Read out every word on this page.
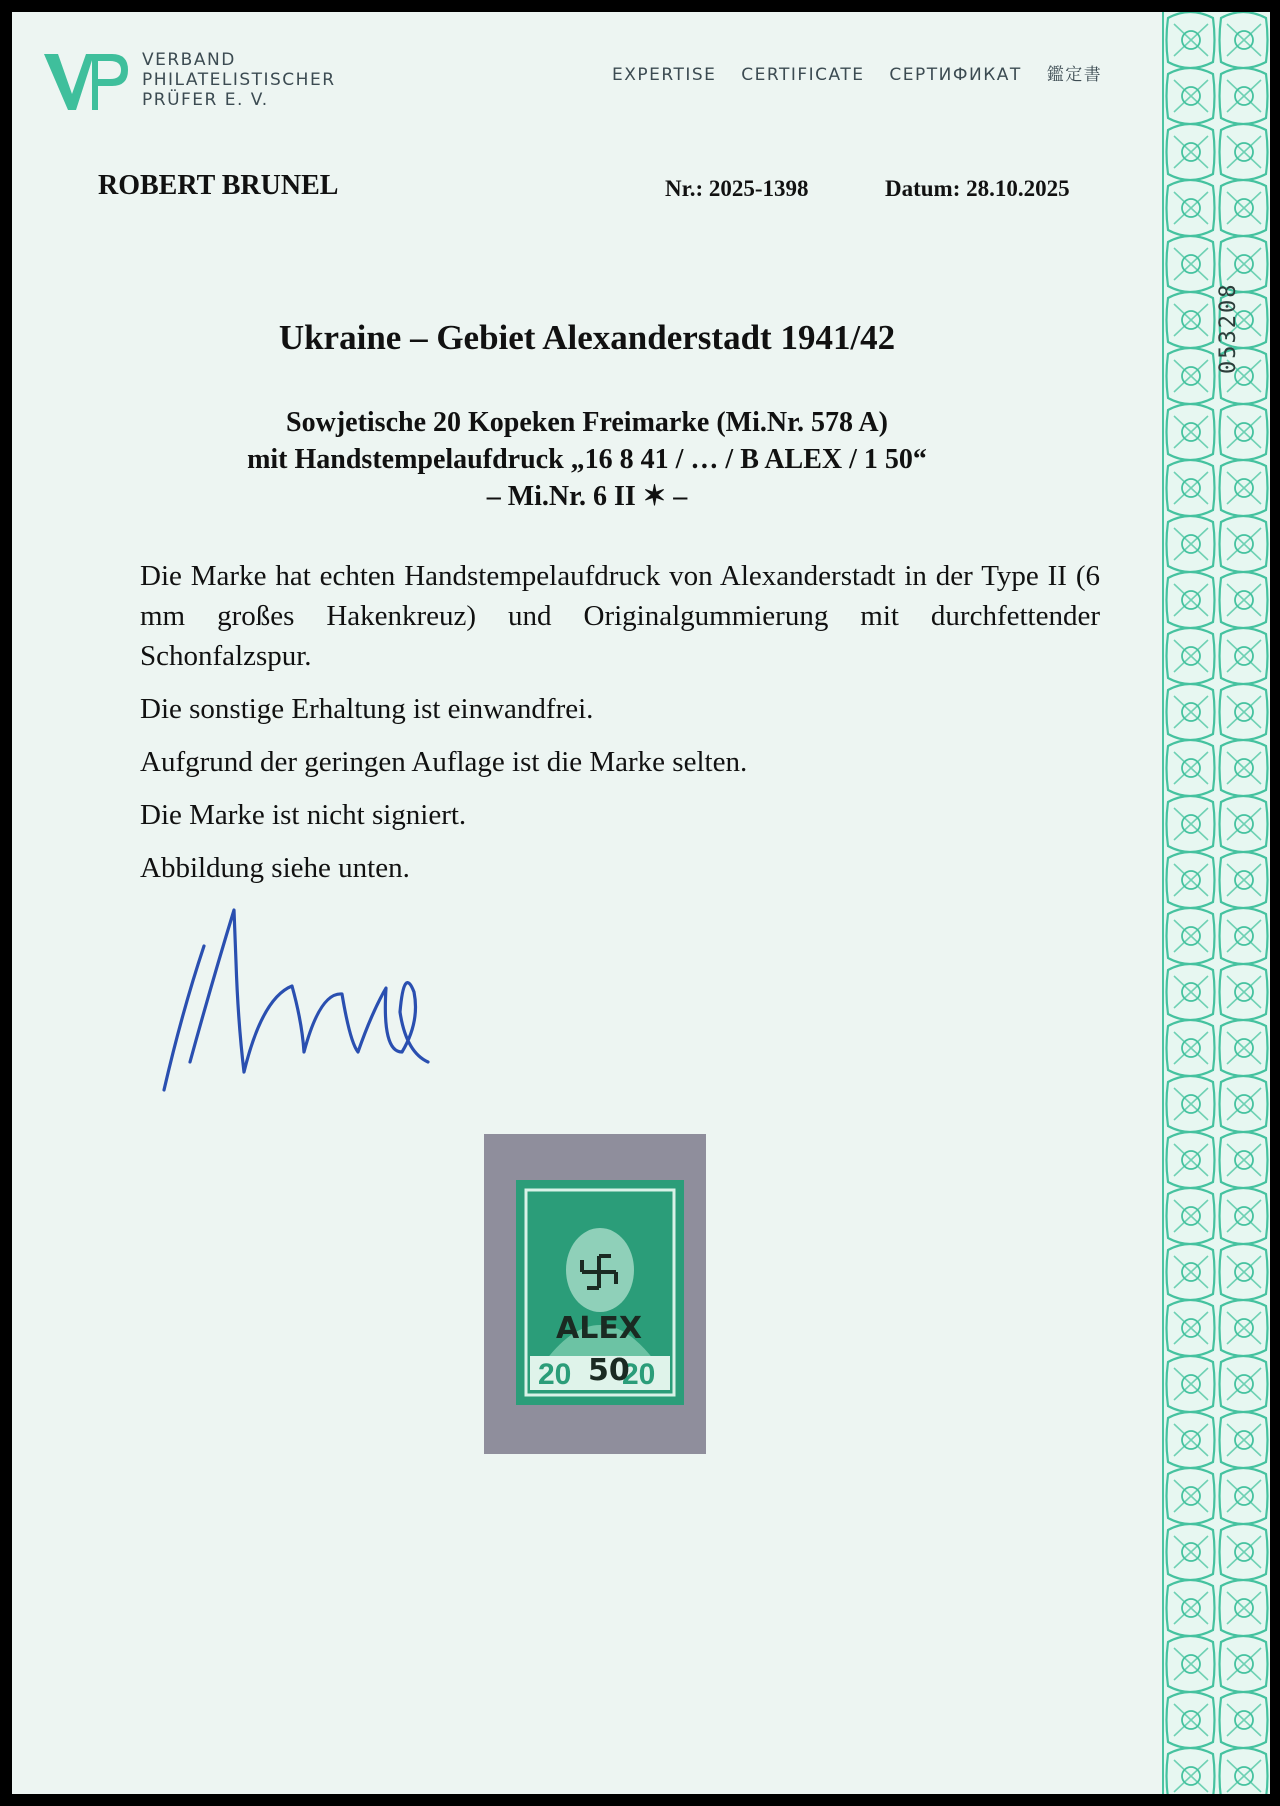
053208
VERBAND
PHILATELISTISCHER
PRÜFER E. V.
EXPERTISE CERTIFICATE СЕРТИФИКАТ 鑑定書
ROBERT BRUNEL	Nr.: 2025-1398	Datum: 28.10.2025
Ukraine – Gebiet Alexanderstadt 1941/42
Sowjetische 20 Kopeken Freimarke (Mi.Nr. 578 A)
mit Handstempelaufdruck „16 8 41 / … / B ALEX / 1 50“
– Mi.Nr. 6 II ✶ –

Die Marke hat echten Handstempelaufdruck von Alexanderstadt in der Type II (6 mm großes Hakenkreuz) und Originalgummierung mit durchfettender Schonfalzspur.

Die sonstige Erhaltung ist einwandfrei.

Aufgrund der geringen Auflage ist die Marke selten.

Die Marke ist nicht signiert.

Abbildung siehe unten.

20 20
ALEX
50
